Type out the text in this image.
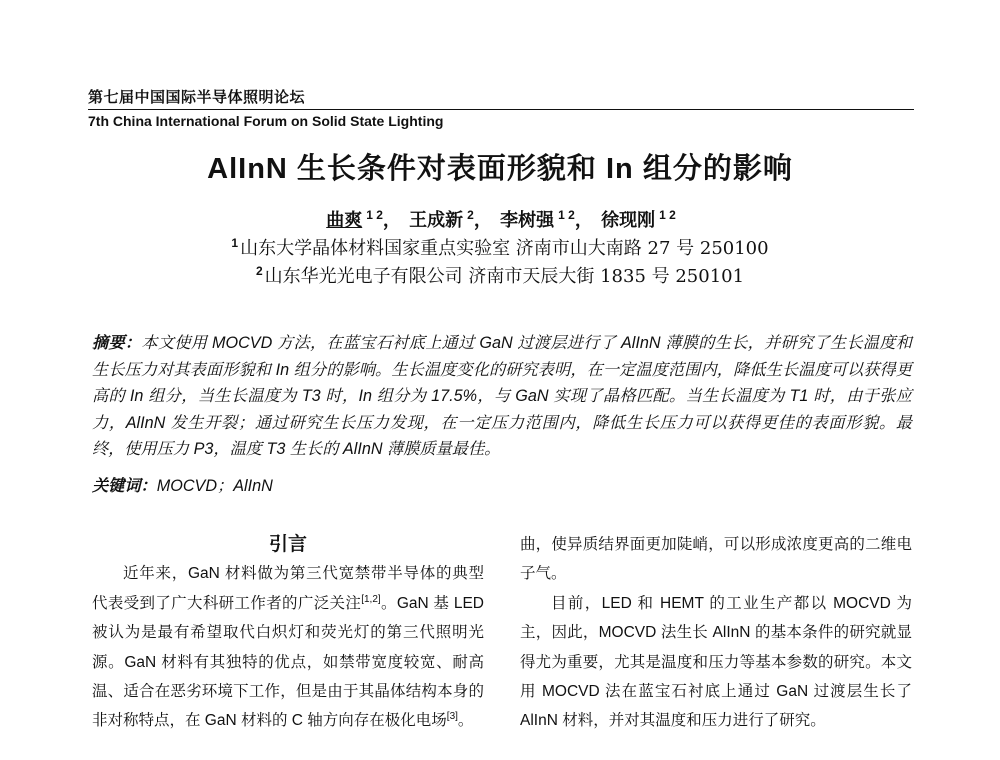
第七届中国国际半导体照明论坛
7th China International Forum on Solid State Lighting
AlInN 生长条件对表面形貌和 In 组分的影响
曲爽 $^{1 2}$， 王成新 $^2$， 李树强 $^{1 2}$， 徐现刚 $^{1 2}$
$^1$ 山东大学晶体材料国家重点实验室 济南市山大南路 27 号 250100
$^2$ 山东华光光电子有限公司 济南市天辰大街 1835 号 250101
摘要：本文使用 MOCVD 方法，在蓝宝石衬底上通过 GaN 过渡层进行了 AlInN 薄膜的生长，并研究了生长温度和生长压力对其表面形貌和 In 组分的影响。生长温度变化的研究表明，在一定温度范围内，降低生长温度可以获得更高的 In 组分，当生长温度为 T3 时，In 组分为 17.5%，与 GaN 实现了晶格匹配。当生长温度为 T1 时，由于张应力，AlInN 发生开裂；通过研究生长压力发现，在一定压力范围内，降低生长压力可以获得更佳的表面形貌。最终，使用压力 P3，温度 T3 生长的 AlInN 薄膜质量最佳。
关键词：MOCVD；AlInN
引言

近年来，GaN 材料做为第三代宽禁带半导体的典型代表受到了广大科研工作者的广泛关注[1,2]。GaN 基 LED 被认为是最有希望取代白炽灯和荧光灯的第三代照明光源。GaN 材料有其独特的优点，如禁带宽度较宽、耐高温、适合在恶劣环境下工作，但是由于其晶体结构本身的非对称特点，在 GaN 材料的 C 轴方向存在极化电场[3]。

曲，使异质结界面更加陡峭，可以形成浓度更高的二维电子气。

目前，LED 和 HEMT 的工业生产都以 MOCVD 为主，因此，MOCVD 法生长 AlInN 的基本条件的研究就显得尤为重要，尤其是温度和压力等基本参数的研究。本文用 MOCVD 法在蓝宝石衬底上通过 GaN 过渡层生长了 AlInN 材料，并对其温度和压力进行了研究。
